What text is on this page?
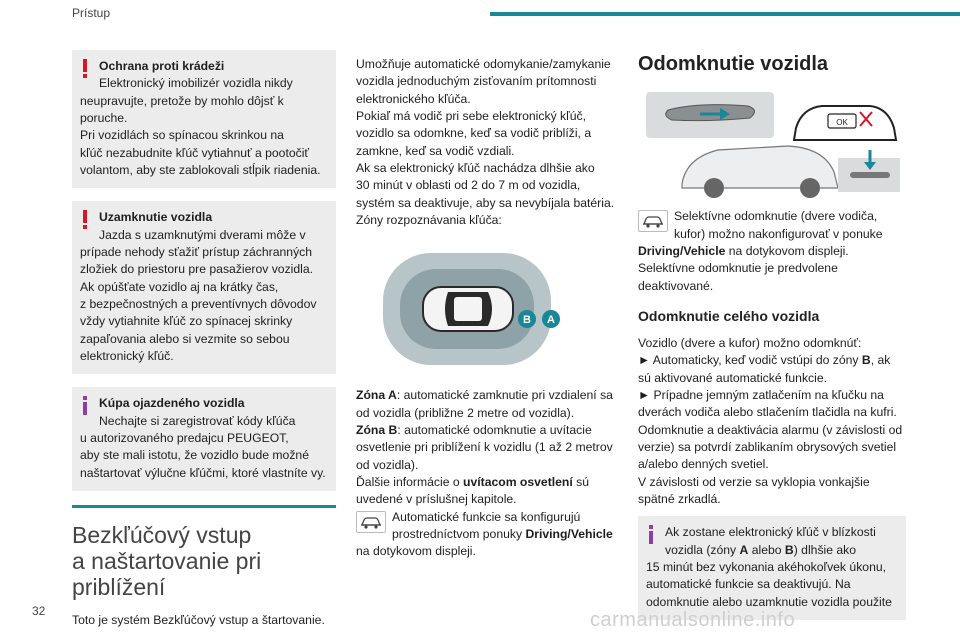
Prístup
Ochrana proti krádeži
Elektronický imobilizér vozidla nikdy
neupravujte, pretože by mohlo dôjsť k
poruche.
Pri vozidlách so spínacou skrinkou na
kľúč nezabudnite kľúč vytiahnuť a pootočiť
volantom, aby ste zablokovali stĺpik riadenia.
Uzamknutie vozidla
Jazda s uzamknutými dverami môže v
prípade nehody sťažiť prístup záchranných
zložiek do priestoru pre pasažierov vozidla.
Ak opúšťate vozidlo aj na krátky čas,
z bezpečnostných a preventívnych dôvodov
vždy vytiahnite kľúč zo spínacej skrinky
zapaľovania alebo si vezmite so sebou
elektronický kľúč.
Kúpa ojazdeného vozidla
Nechajte si zaregistrovať kódy kľúča
u autorizovaného predajcu PEUGEOT,
aby ste mali istotu, že vozidlo bude možné
naštartovať výlučne kľúčmi, ktoré vlastníte vy.
Bezkľúčový vstup
a naštartovanie pri
priblížení
Toto je systém Bezkľúčový vstup a štartovanie.
Umožňuje automatické odomykanie/zamykanie
vozidla jednoduchým zisťovaním prítomnosti
elektronického kľúča.
Pokiaľ má vodič pri sebe elektronický kľúč,
vozidlo sa odomkne, keď sa vodič priblíži, a
zamkne, keď sa vodič vzdiali.
Ak sa elektronický kľúč nachádza dlhšie ako
30 minút v oblasti od 2 do 7 m od vozidla,
systém sa deaktivuje, aby sa nevybíjala batéria.
Zóny rozpoznávania kľúča:
B A
Zóna A: automatické zamknutie pri vzdialení sa
od vozidla (približne 2 metre od vozidla).
Zóna B: automatické odomknutie a uvítacie
osvetlenie pri priblížení k vozidlu (1 až 2 metrov
od vozidla).
Ďalšie informácie o uvítacom osvetlení sú
uvedené v príslušnej kapitole.
Automatické funkcie sa konfigurujú
prostredníctvom ponuky Driving/Vehicle
na dotykovom displeji.
Odomknutie vozidla
OK
Selektívne odomknutie (dvere vodiča,
kufor) možno nakonfigurovať v ponuke
Driving/Vehicle na dotykovom displeji.
Selektívne odomknutie je predvolene
deaktivované.
Odomknutie celého vozidla
Vozidlo (dvere a kufor) možno odomknúť:
► Automaticky, keď vodič vstúpi do zóny B, ak
sú aktivované automatické funkcie.
► Prípadne jemným zatlačením na kľučku na
dverách vodiča alebo stlačením tlačidla na kufri.
Odomknutie a deaktivácia alarmu (v závislosti od
verzie) sa potvrdí zablikaním obrysových svetiel
a/alebo denných svetiel.
V závislosti od verzie sa vyklopia vonkajšie
spätné zrkadlá.
Ak zostane elektronický kľúč v blízkosti
vozidla (zóny A alebo B) dlhšie ako
15 minút bez vykonania akéhokoľvek úkonu,
automatické funkcie sa deaktivujú. Na
odomknutie alebo uzamknutie vozidla použite
32	carmanualsonline.info
